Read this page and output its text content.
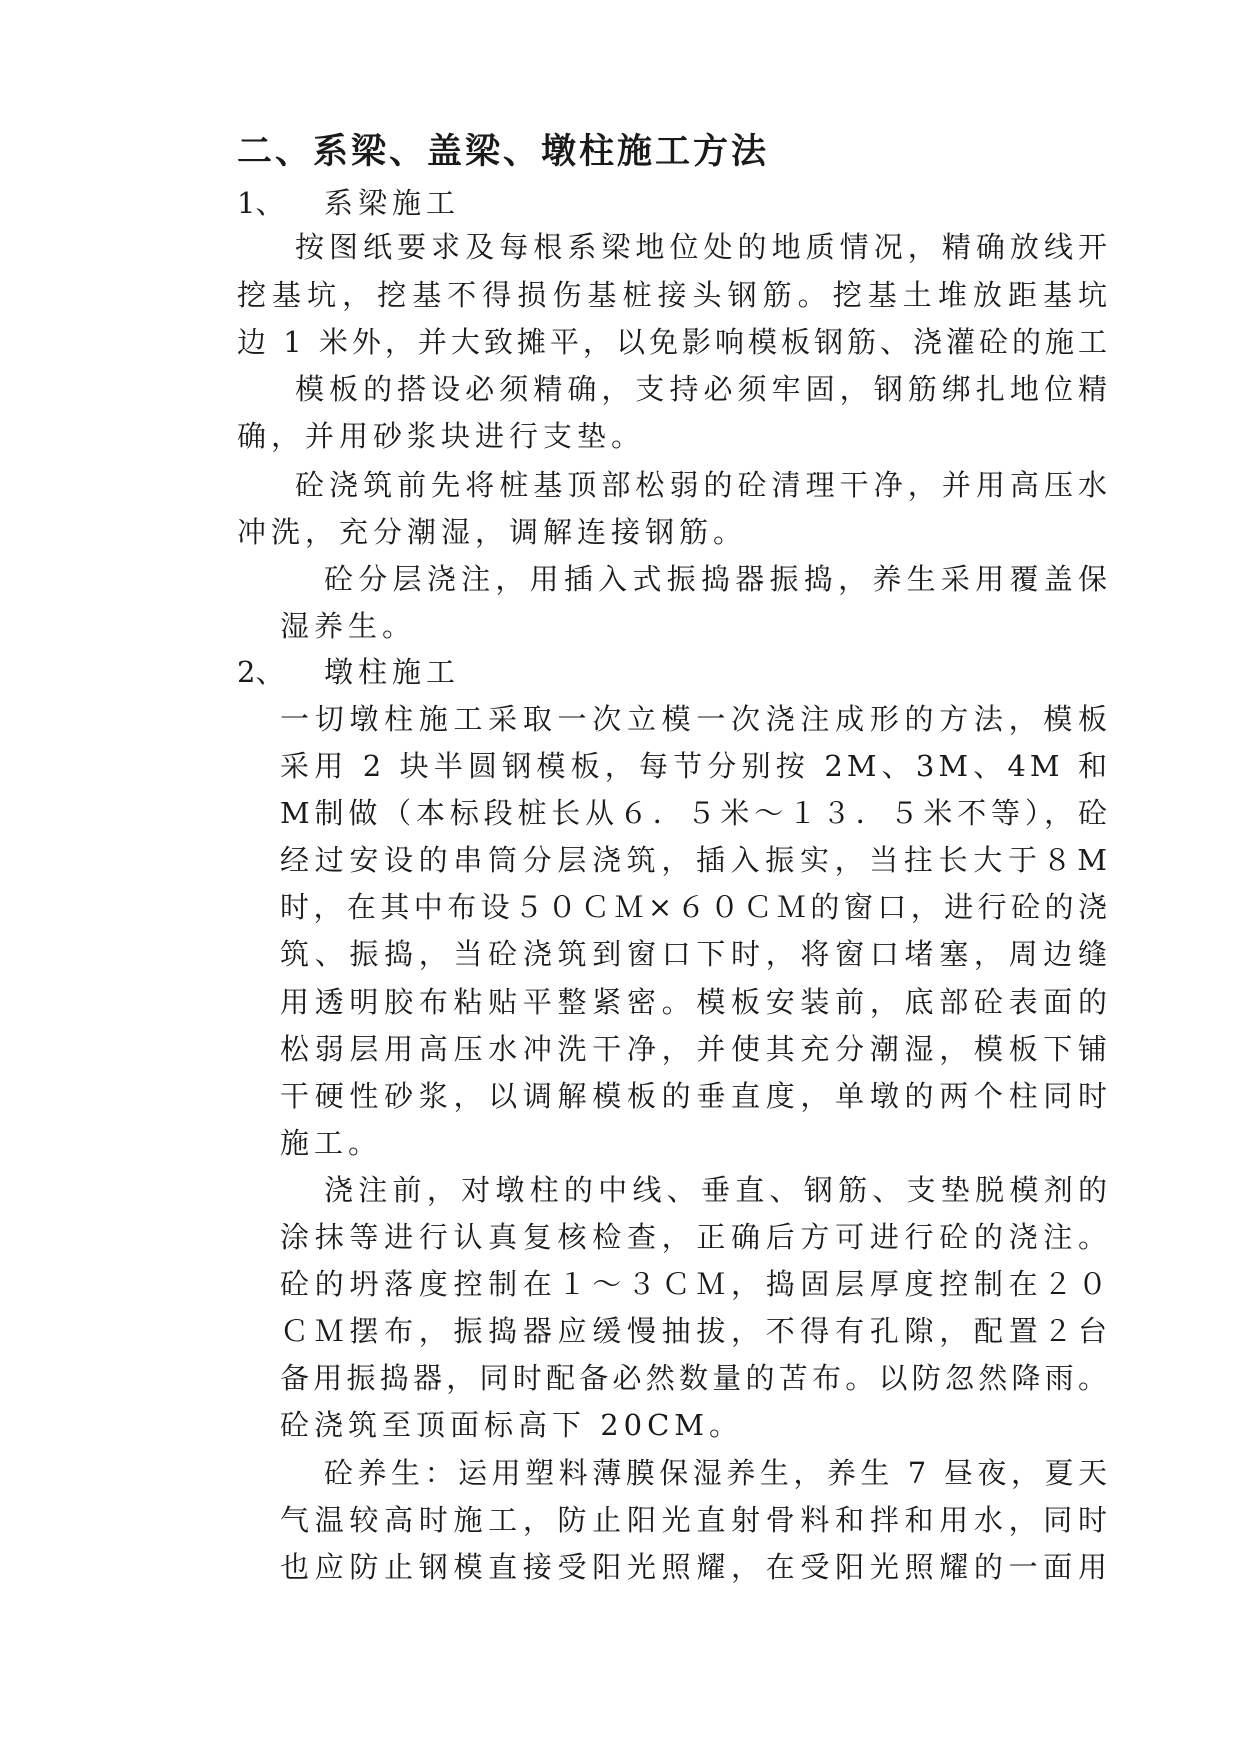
二、系梁、盖梁、墩柱施工方法
1、 系梁施工
按图纸要求及每根系梁地位处的地质情况，精确放线开
挖基坑，挖基不得损伤基桩接头钢筋。挖基土堆放距基坑
边 1 米外，并大致摊平，以免影响模板钢筋、浇灌砼的施工
模板的搭设必须精确，支持必须牢固，钢筋绑扎地位精
确，并用砂浆块进行支垫。
砼浇筑前先将桩基顶部松弱的砼清理干净，并用高压水
冲洗，充分潮湿，调解连接钢筋。
砼分层浇注，用插入式振捣器振捣，养生采用覆盖保
湿养生。
2、 墩柱施工
一切墩柱施工采取一次立模一次浇注成形的方法，模板
采用 2 块半圆钢模板，每节分别按 2M、3M、4M 和
M制做（本标段桩长从６．５米～１３．５米不等），砼
经过安设的串筒分层浇筑，插入振实，当拄长大于８M
时，在其中布设５０ＣＭ×６０ＣＭ的窗口，进行砼的浇
筑、振捣，当砼浇筑到窗口下时，将窗口堵塞，周边缝
用透明胶布粘贴平整紧密。模板安装前，底部砼表面的
松弱层用高压水冲洗干净，并使其充分潮湿，模板下铺
干硬性砂浆，以调解模板的垂直度，单墩的两个柱同时
施工。
浇注前，对墩柱的中线、垂直、钢筋、支垫脱模剂的
涂抹等进行认真复核检查，正确后方可进行砼的浇注。
砼的坍落度控制在１～３ＣＭ，捣固层厚度控制在２０
ＣＭ摆布，振捣器应缓慢抽拔，不得有孔隙，配置２台
备用振捣器，同时配备必然数量的苫布。以防忽然降雨。
砼浇筑至顶面标高下 20CM。
砼养生：运用塑料薄膜保湿养生，养生 7 昼夜，夏天
气温较高时施工，防止阳光直射骨料和拌和用水，同时
也应防止钢模直接受阳光照耀，在受阳光照耀的一面用
